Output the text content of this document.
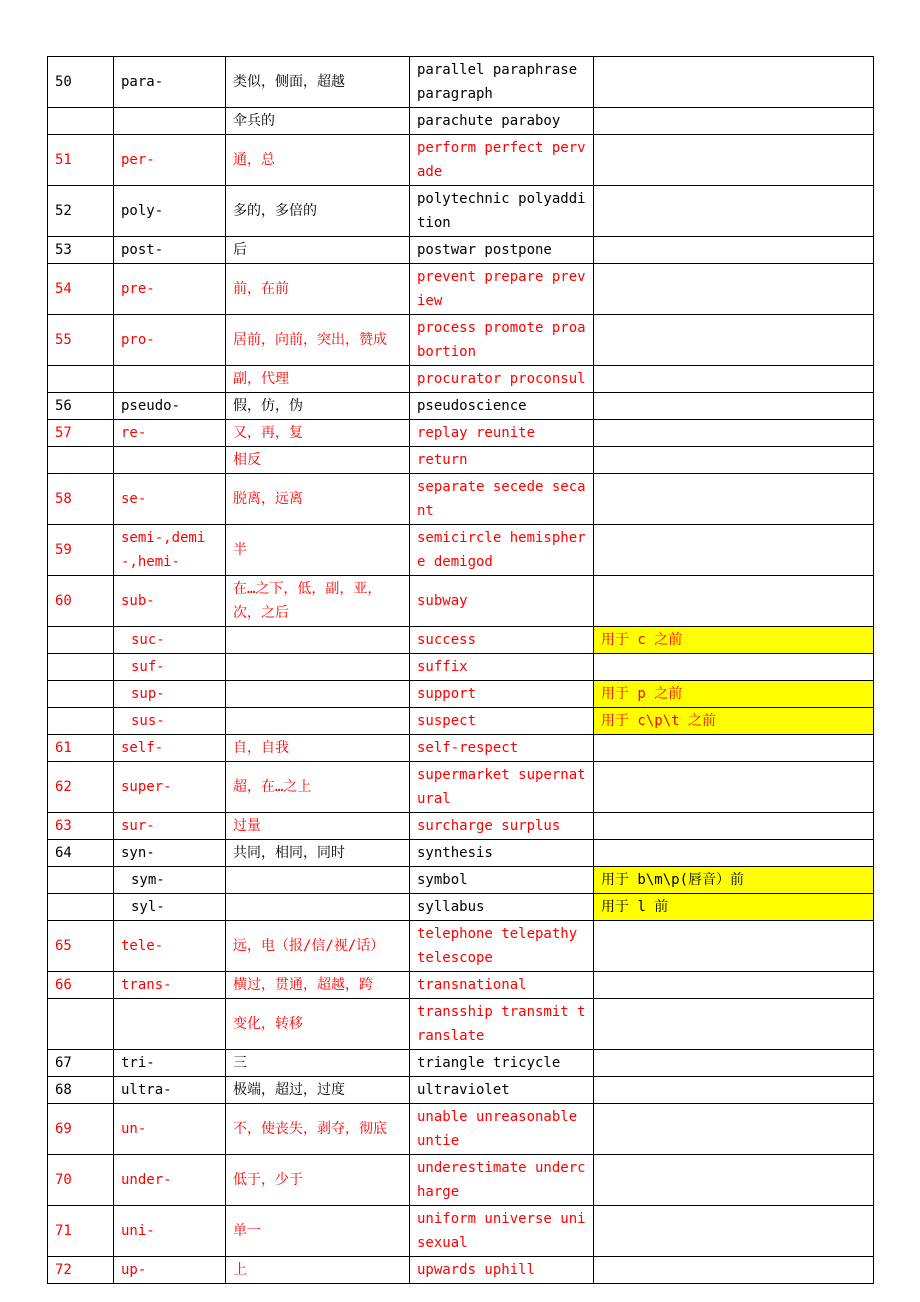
50	para-	类似，侧面，超越	parallel paraphrase paragraph	
		伞兵的	parachute paraboy	
51	per-	通，总	perform perfect pervade	
52	poly-	多的，多倍的	polytechnic polyaddition	
53	post-	后	postwar postpone	
54	pre-	前，在前	prevent prepare preview	
55	pro-	居前，向前，突出，赞成	process promote proabortion	
		副，代理	procurator proconsul	
56	pseudo-	假，仿，伪	pseudoscience	
57	re-	又，再，复	replay reunite	
		相反	return	
58	se-	脱离，远离	separate secede secant	
59	semi-,demi-,hemi-	半	semicircle hemisphere demigod	
60	sub-	在…之下，低，副，亚，次，之后	subway	
	suc-		success	用于 c 之前
	suf-		suffix	
	sup-		support	用于 p 之前
	sus-		suspect	用于 c\p\t 之前
61	self-	自，自我	self-respect	
62	super-	超，在…之上	supermarket supernatural	
63	sur-	过量	surcharge surplus	
64	syn-	共同，相同，同时	synthesis	
	sym-		symbol	用于 b\m\p(唇音）前
	syl-		syllabus	用于 l 前
65	tele-	远，电（报/信/视/话）	telephone telepathy telescope	
66	trans-	横过，贯通，超越，跨	transnational	
		变化，转移	transship transmit translate	
67	tri-	三	triangle tricycle	
68	ultra-	极端，超过，过度	ultraviolet	
69	un-	不，使丧失，剥夺，彻底	unable unreasonable untie	
70	under-	低于，少于	underestimate undercharge	
71	uni-	单一	uniform universe unisexual	
72	up-	上	upwards uphill	
